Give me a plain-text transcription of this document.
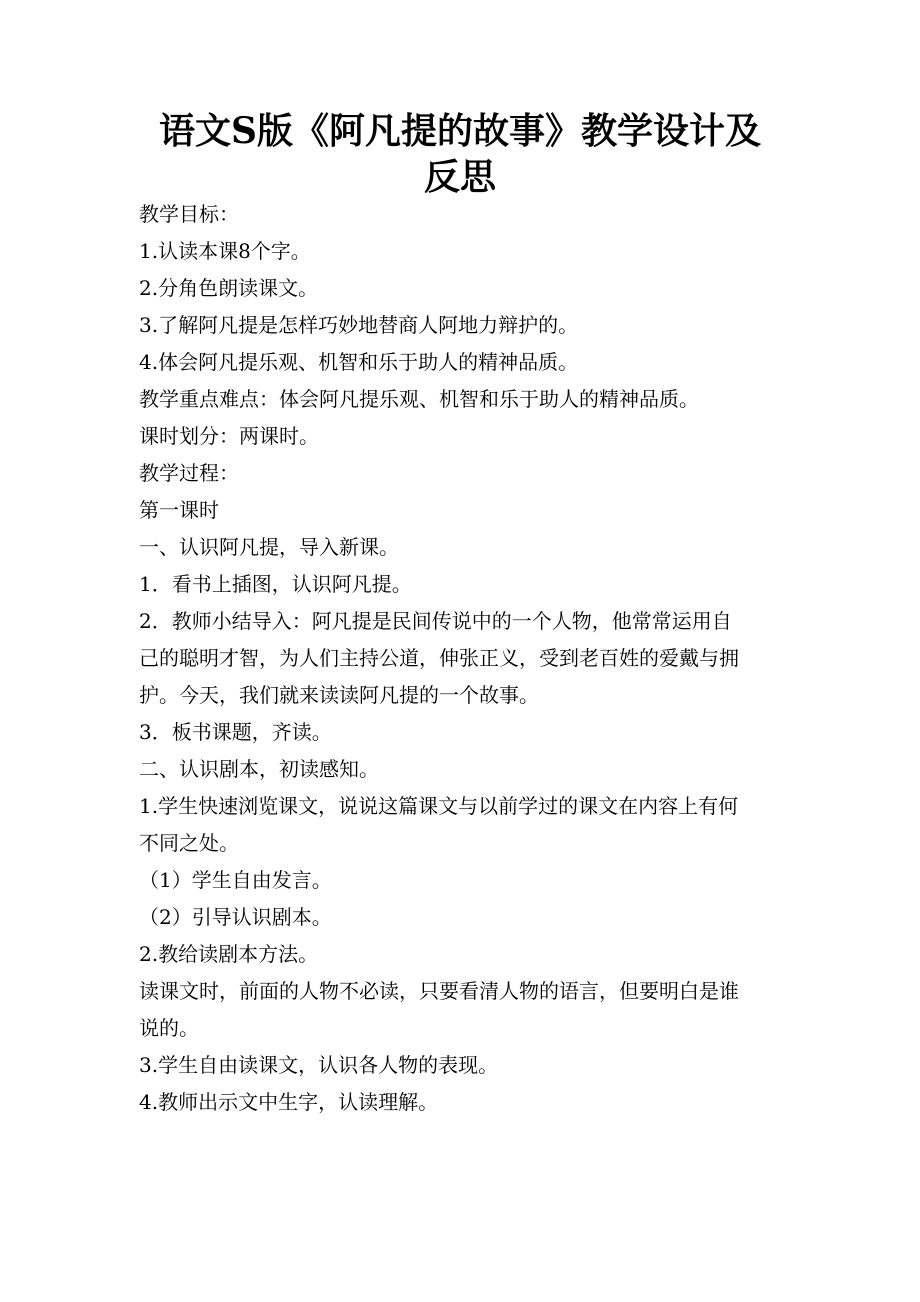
语文S版《阿凡提的故事》教学设计及
反思

教学目标：

1.认读本课8个字。

2.分角色朗读课文。

3.了解阿凡提是怎样巧妙地替商人阿地力辩护的。

4.体会阿凡提乐观、机智和乐于助人的精神品质。

教学重点难点：体会阿凡提乐观、机智和乐于助人的精神品质。

课时划分：两课时。

教学过程：

第一课时

一、认识阿凡提，导入新课。

1．看书上插图，认识阿凡提。

2．教师小结导入：阿凡提是民间传说中的一个人物，他常常运用自

己的聪明才智，为人们主持公道，伸张正义，受到老百姓的爱戴与拥

护。今天，我们就来读读阿凡提的一个故事。

3．板书课题，齐读。

二、认识剧本，初读感知。

1.学生快速浏览课文，说说这篇课文与以前学过的课文在内容上有何

不同之处。

（1）学生自由发言。

（2）引导认识剧本。

2.教给读剧本方法。

读课文时，前面的人物不必读，只要看清人物的语言，但要明白是谁

说的。

3.学生自由读课文，认识各人物的表现。

4.教师出示文中生字，认读理解。
